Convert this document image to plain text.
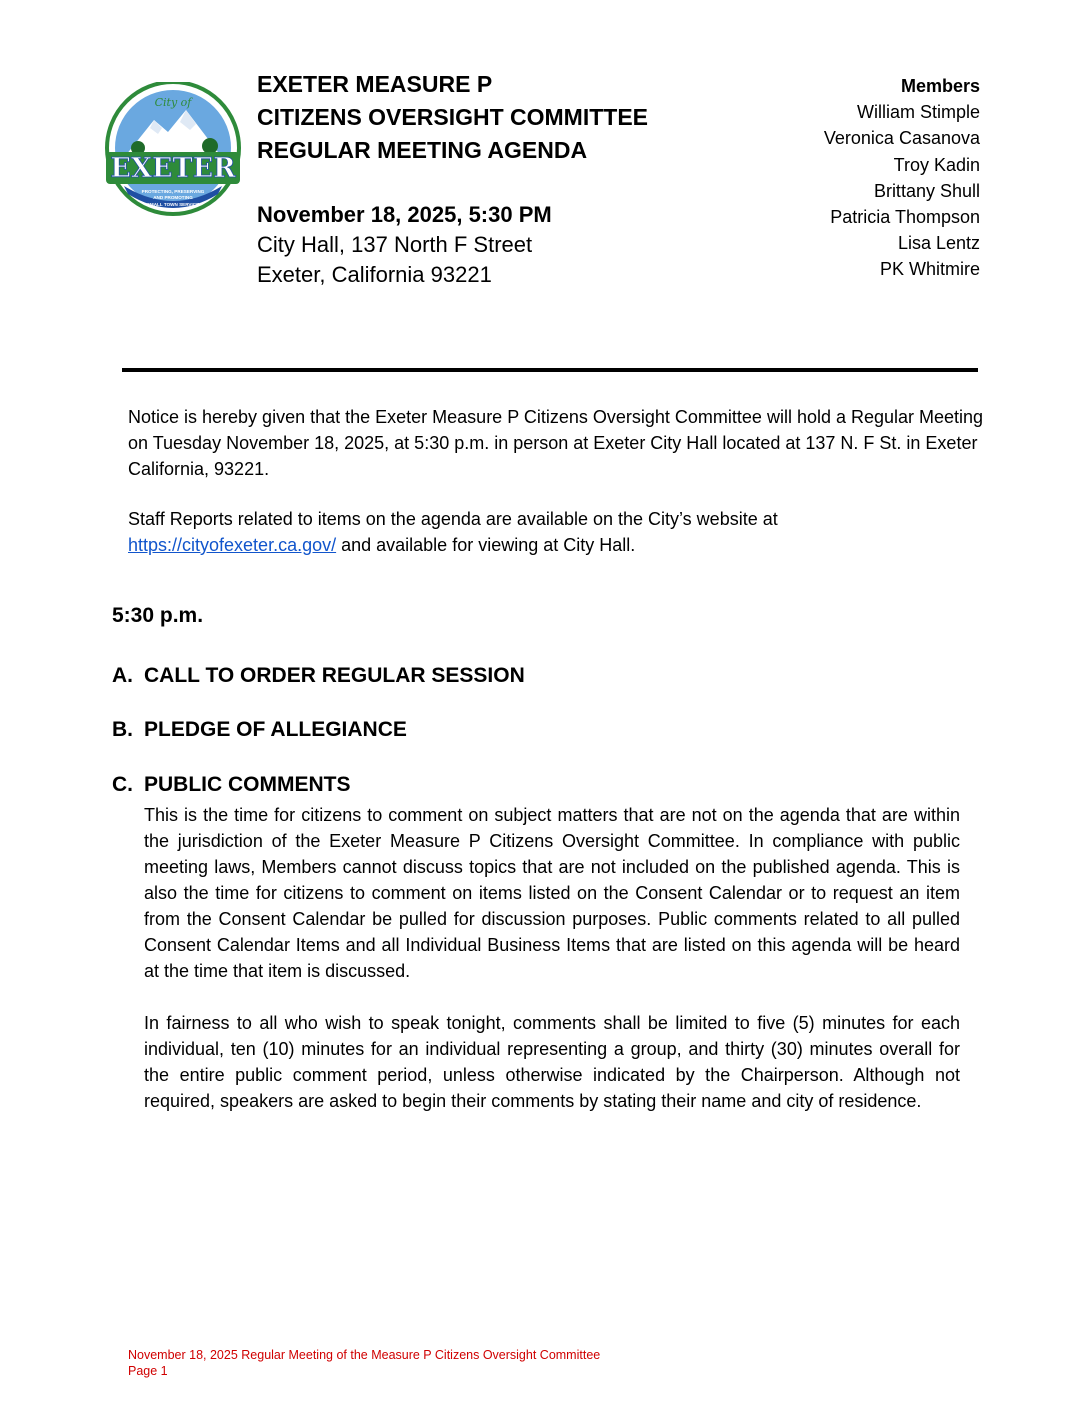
City of
EXETER
PROTECTING, PRESERVING
AND PROMOTING
SMALL TOWN SERVICE
EXETER MEASURE P
CITIZENS OVERSIGHT COMMITTEE
REGULAR MEETING AGENDA
November 18, 2025, 5:30 PM
City Hall, 137 North F Street
Exeter, California 93221
Members
William Stimple
Veronica Casanova
Troy Kadin
Brittany Shull
Patricia Thompson
Lisa Lentz
PK Whitmire

Notice is hereby given that the Exeter Measure P Citizens Oversight Committee will hold a Regular Meeting on Tuesday November 18, 2025, at 5:30 p.m. in person at Exeter City Hall located at 137 N. F St. in Exeter California, 93221.

Staff Reports related to items on the agenda are available on the City’s website at
https://cityofexeter.ca.gov/ and available for viewing at City Hall.

5:30 p.m.
A. CALL TO ORDER REGULAR SESSION
B. PLEDGE OF ALLEGIANCE
C. PUBLIC COMMENTS

This is the time for citizens to comment on subject matters that are not on the agenda that are within the jurisdiction of the Exeter Measure P Citizens Oversight Committee. In compliance with public meeting laws, Members cannot discuss topics that are not included on the published agenda. This is also the time for citizens to comment on items listed on the Consent Calendar or to request an item from the Consent Calendar be pulled for discussion purposes. Public comments related to all pulled Consent Calendar Items and all Individual Business Items that are listed on this agenda will be heard at the time that item is discussed.

In fairness to all who wish to speak tonight, comments shall be limited to five (5) minutes for each individual, ten (10) minutes for an individual representing a group, and thirty (30) minutes overall for the entire public comment period, unless otherwise indicated by the Chairperson. Although not required, speakers are asked to begin their comments by stating their name and city of residence.

November 18, 2025 Regular Meeting of the Measure P Citizens Oversight Committee
Page 1
